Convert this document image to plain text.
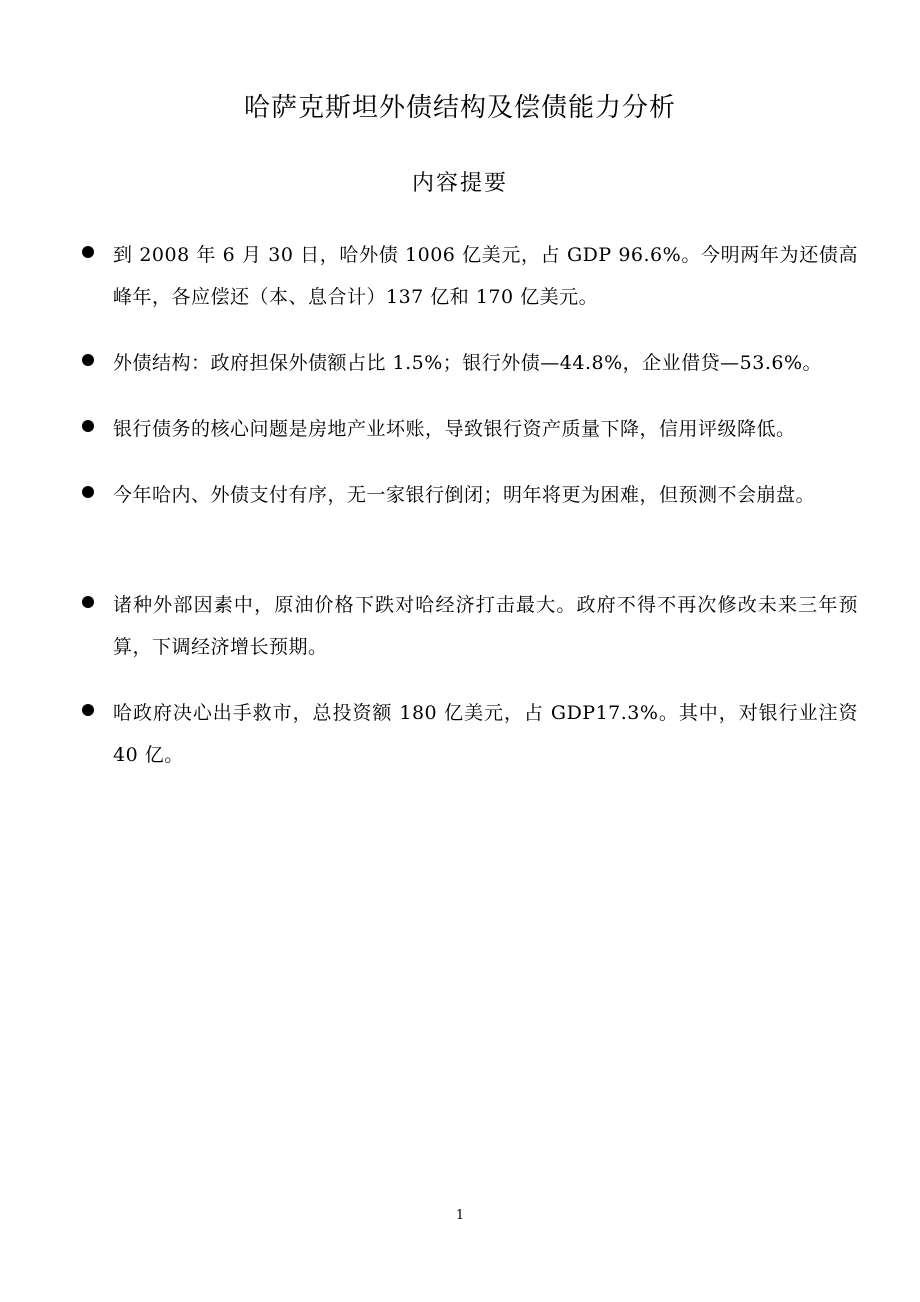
哈萨克斯坦外债结构及偿债能力分析
内容提要
到 2008 年 6 月 30 日，哈外债 1006 亿美元，占 GDP 96.6%。今明两年为还债高峰年，各应偿还（本、息合计）137 亿和 170 亿美元。
外债结构：政府担保外债额占比 1.5%；银行外债—44.8%，企业借贷—53.6%。
银行债务的核心问题是房地产业坏账，导致银行资产质量下降，信用评级降低。
今年哈内、外债支付有序，无一家银行倒闭；明年将更为困难，但预测不会崩盘。
诸种外部因素中，原油价格下跌对哈经济打击最大。政府不得不再次修改未来三年预算，下调经济增长预期。
哈政府决心出手救市，总投资额 180 亿美元，占 GDP17.3%。其中，对银行业注资 40 亿。
1
